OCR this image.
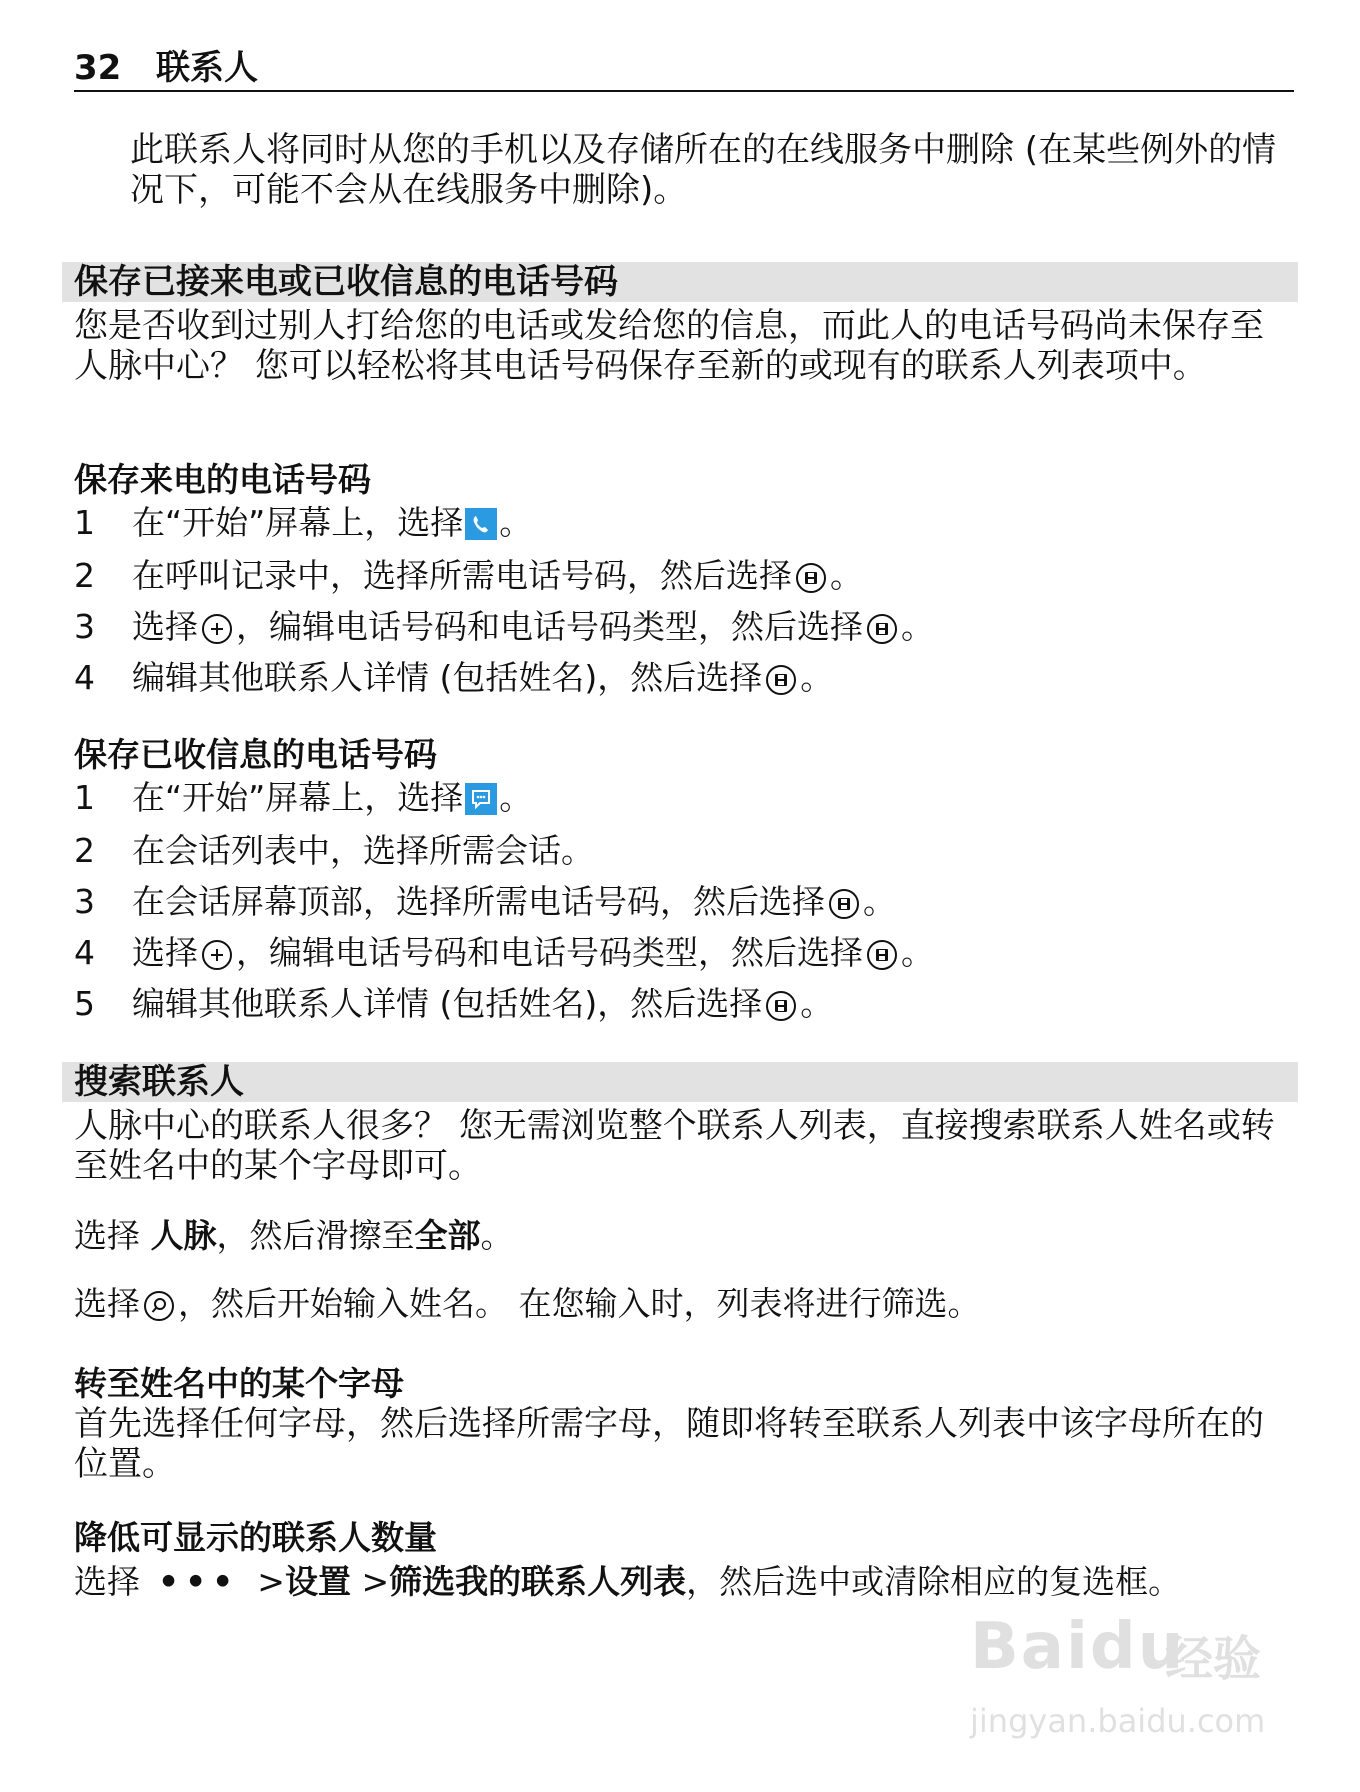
32 联系人

此联系人将同时从您的手机以及存储所在的在线服务中删除 (在某些例外的情况下，可能不会从在线服务中删除)。

保存已接来电或已收信息的电话号码

您是否收到过别人打给您的电话或发给您的信息，而此人的电话号码尚未保存至人脉中心？ 您可以轻松将其电话号码保存至新的或现有的联系人列表项中。

保存来电的电话号码
1 在“开始”屏幕上，选择 。
2 在呼叫记录中，选择所需电话号码，然后选择 。
3 选择 ，编辑电话号码和电话号码类型，然后选择 。
4 编辑其他联系人详情 (包括姓名)，然后选择 。
保存已收信息的电话号码
1 在“开始”屏幕上，选择 。
2 在会话列表中，选择所需会话。
3 在会话屏幕顶部，选择所需电话号码，然后选择 。
4 选择 ，编辑电话号码和电话号码类型，然后选择 。
5 编辑其他联系人详情 (包括姓名)，然后选择 。
搜索联系人

人脉中心的联系人很多？ 您无需浏览整个联系人列表，直接搜索联系人姓名或转至姓名中的某个字母即可。

选择 人脉，然后滑擦至全部。
选择 ，然后开始输入姓名。 在您输入时，列表将进行筛选。
转至姓名中的某个字母

首先选择任何字母，然后选择所需字母，随即将转至联系人列表中该字母所在的位置。

降低可显示的联系人数量
选择 ••• >设置 >筛选我的联系人列表，然后选中或清除相应的复选框。
Baidu
经验
jingyan.baidu.com
